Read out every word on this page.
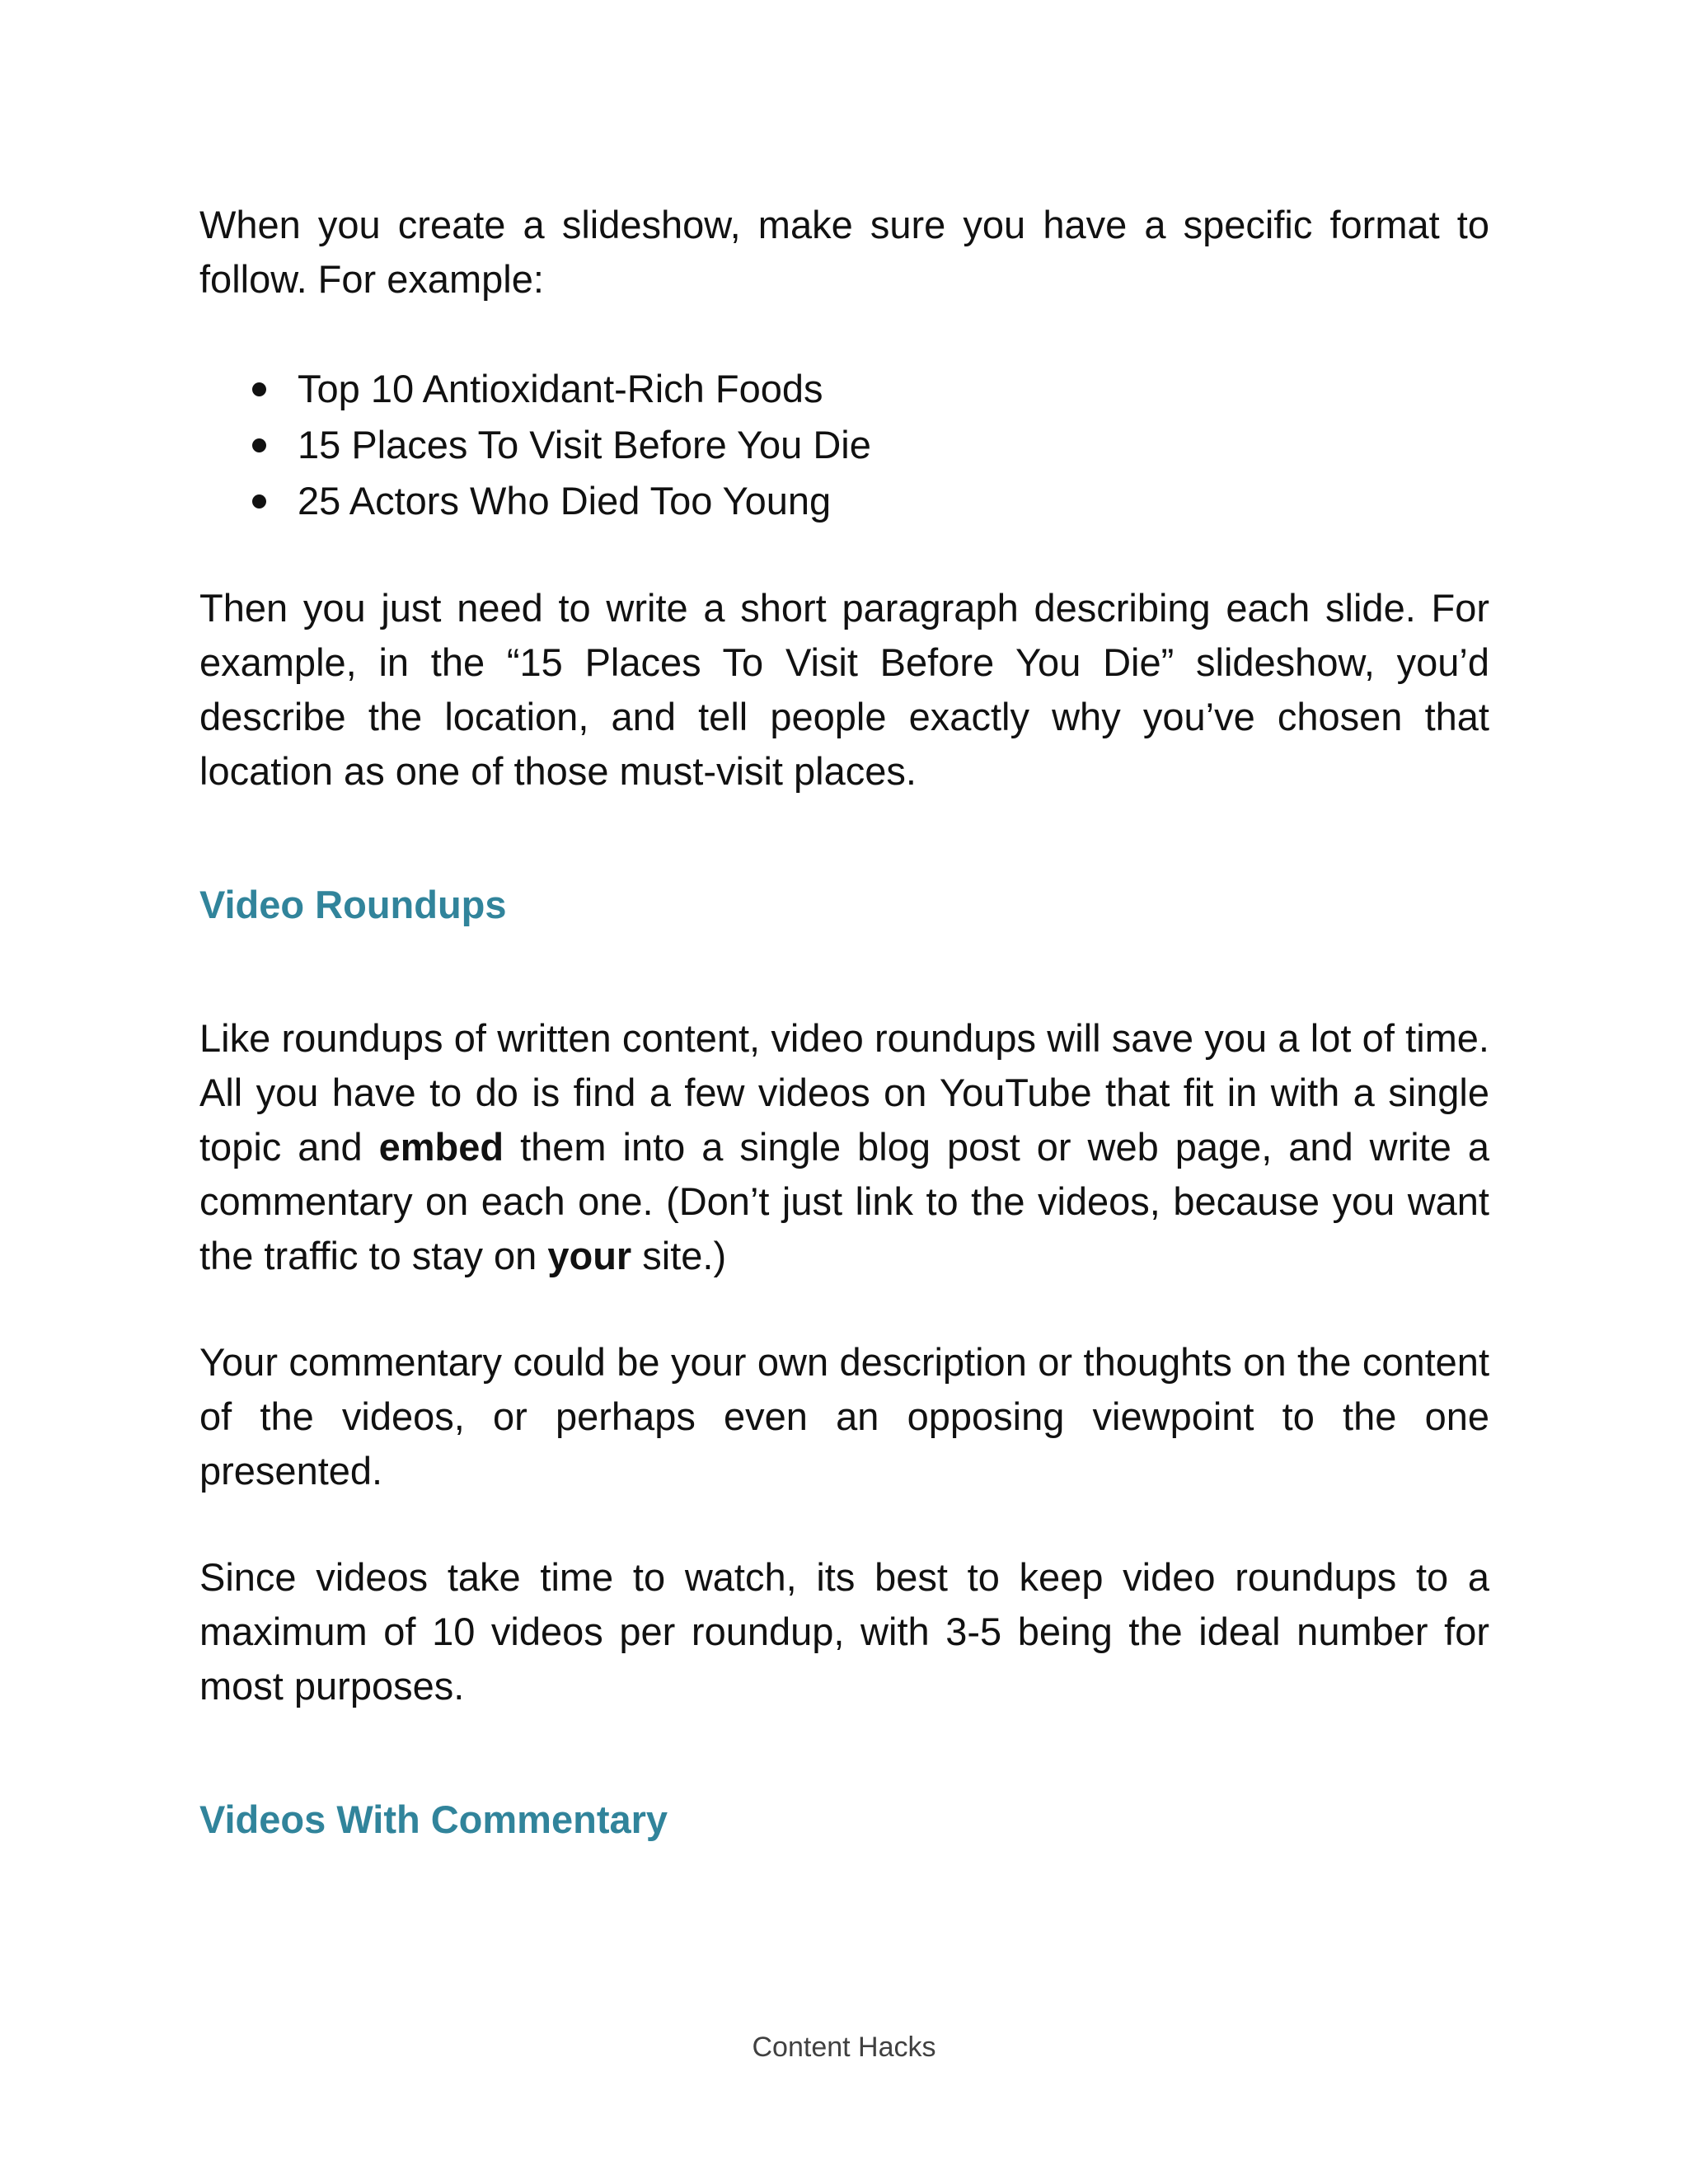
When you create a slideshow, make sure you have a specific format to follow. For example:

Top 10 Antioxidant-Rich Foods
15 Places To Visit Before You Die
25 Actors Who Died Too Young

Then you just need to write a short paragraph describing each slide. For example, in the “15 Places To Visit Before You Die” slideshow, you’d describe the location, and tell people exactly why you’ve chosen that location as one of those must-visit places.

Video Roundups

Like roundups of written content, video roundups will save you a lot of time. All you have to do is find a few videos on YouTube that fit in with a single topic and embed them into a single blog post or web page, and write a commentary on each one. (Don’t just link to the videos, because you want the traffic to stay on your site.)

Your commentary could be your own description or thoughts on the content of the videos, or perhaps even an opposing viewpoint to the one presented.

Since videos take time to watch, its best to keep video roundups to a maximum of 10 videos per roundup, with 3-5 being the ideal number for most purposes.

Videos With Commentary
Content Hacks
